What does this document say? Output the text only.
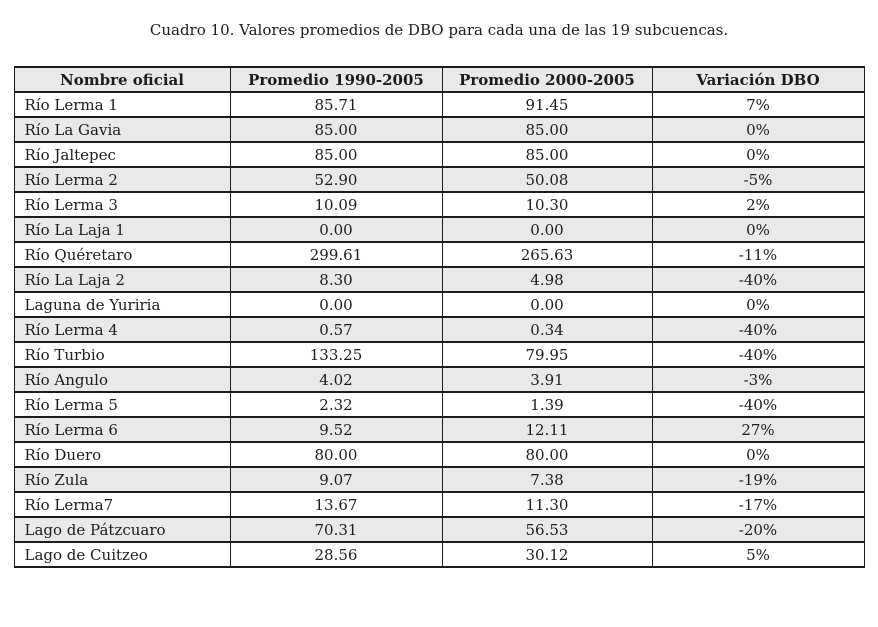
Cuadro 10. Valores promedios de DBO para cada una de las 19 subcuencas.
Nombre oficial	Promedio 1990-2005	Promedio 2000-2005	Variación DBO
Río Lerma 1	85.71	91.45	7%
Río La Gavia	85.00	85.00	0%
Río Jaltepec	85.00	85.00	0%
Río Lerma 2	52.90	50.08	-5%
Río Lerma 3	10.09	10.30	2%
Río La Laja 1	0.00	0.00	0%
Río Quéretaro	299.61	265.63	-11%
Río La Laja 2	8.30	4.98	-40%
Laguna de Yuriria	0.00	0.00	0%
Río Lerma 4	0.57	0.34	-40%
Río Turbio	133.25	79.95	-40%
Río Angulo	4.02	3.91	-3%
Río Lerma 5	2.32	1.39	-40%
Río Lerma 6	9.52	12.11	27%
Río Duero	80.00	80.00	0%
Río Zula	9.07	7.38	-19%
Río Lerma7	13.67	11.30	-17%
Lago de Pátzcuaro	70.31	56.53	-20%
Lago de Cuitzeo	28.56	30.12	5%
